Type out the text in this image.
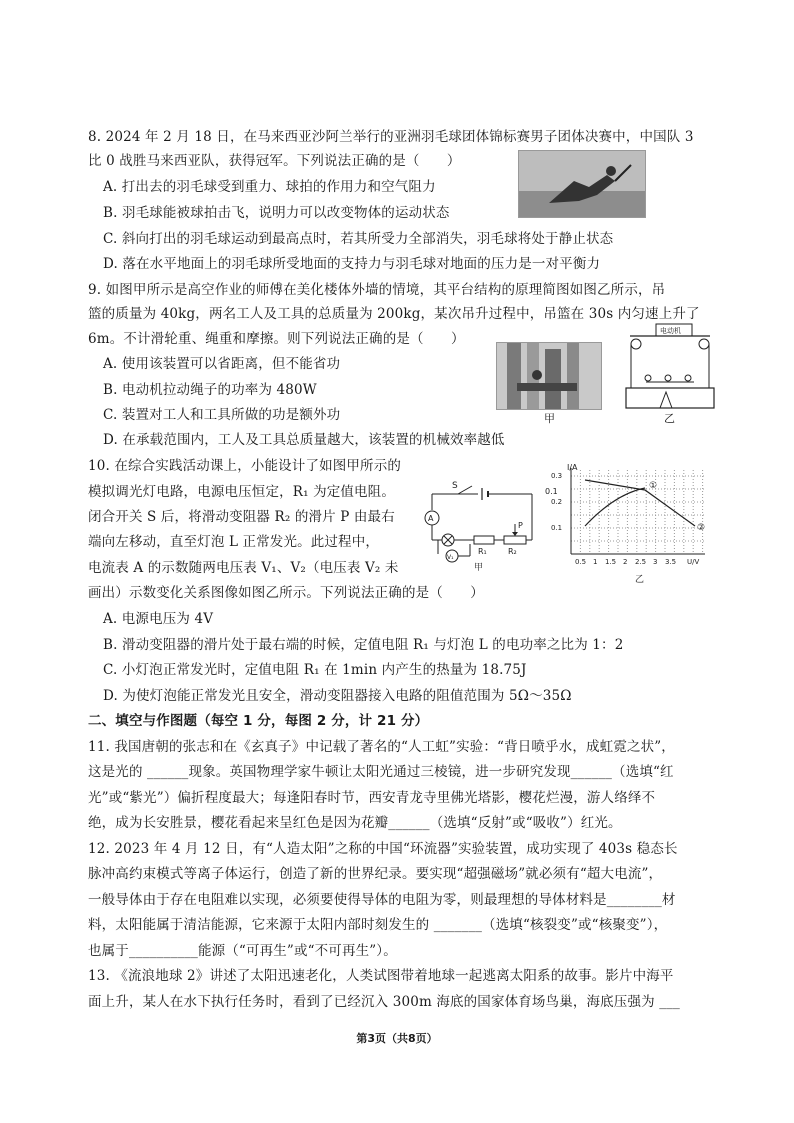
8. 2024 年 2 月 18 日，在马来西亚沙阿兰举行的亚洲羽毛球团体锦标赛男子团体决赛中，中国队 3
比 0 战胜马来西亚队，获得冠军。下列说法正确的是（　　）
A. 打出去的羽毛球受到重力、球拍的作用力和空气阻力
B. 羽毛球能被球拍击飞，说明力可以改变物体的运动状态
C. 斜向打出的羽毛球运动到最高点时，若其所受力全部消失，羽毛球将处于静止状态
D. 落在水平地面上的羽毛球所受地面的支持力与羽毛球对地面的压力是一对平衡力
9. 如图甲所示是高空作业的师傅在美化楼体外墙的情境，其平台结构的原理简图如图乙所示，吊
篮的质量为 40kg，两名工人及工具的总质量为 200kg，某次吊升过程中，吊篮在 30s 内匀速上升了
6m。不计滑轮重、绳重和摩擦。则下列说法正确的是（　　）
A. 使用该装置可以省距离，但不能省功
B. 电动机拉动绳子的功率为 480W
C. 装置对工人和工具所做的功是额外功
D. 在承载范围内，工人及工具总质量越大，该装置的机械效率越低
甲
电动机
乙
10. 在综合实践活动课上，小能设计了如图甲所示的
模拟调光灯电路，电源电压恒定，R₁ 为定值电阻。
闭合开关 S 后，将滑动变阻器 R₂ 的滑片 P 由最右
端向左移动，直至灯泡 L 正常发光。此过程中，
电流表 A 的示数随两电压表 V₁、V₂（电压表 V₂ 未
画出）示数变化关系图像如图乙所示。下列说法正确的是（　　）
A. 电源电压为 4V
B. 滑动变阻器的滑片处于最右端的时候，定值电阻 R₁ 与灯泡 L 的电功率之比为 1：2
C. 小灯泡正常发光时，定值电阻 R₁ 在 1min 内产生的热量为 18.75J
D. 为使灯泡能正常发光且安全，滑动变阻器接入电路的阻值范围为 5Ω～35Ω
S
A
R₁	R₂
P
V₁
甲
I/A
0.1
0.3
0.2
0.1
0.5 1 1.5 2 2.5 3 3.5 U/V
①
②
乙
二、填空与作图题（每空 1 分，每图 2 分，计 21 分）
11. 我国唐朝的张志和在《玄真子》中记载了著名的“人工虹”实验：“背日喷乎水，成虹霓之状”，
这是光的 ______现象。英国物理学家牛顿让太阳光通过三棱镜，进一步研究发现______（选填“红
光”或“紫光”）偏折程度最大；每逢阳春时节，西安青龙寺里佛光塔影，樱花烂漫，游人络绎不
绝，成为长安胜景，樱花看起来呈红色是因为花瓣______（选填“反射”或“吸收”）红光。
12. 2023 年 4 月 12 日，有“人造太阳”之称的中国“环流器”实验装置，成功实现了 403s 稳态长
脉冲高约束模式等离子体运行，创造了新的世界纪录。要实现“超强磁场”就必须有“超大电流”，
一般导体由于存在电阻难以实现，必须要使得导体的电阻为零，则最理想的导体材料是________材
料，太阳能属于清洁能源，它来源于太阳内部时刻发生的 _______（选填“核裂变”或“核聚变”），
也属于__________能源（“可再生”或“不可再生”）。
13. 《流浪地球 2》讲述了太阳迅速老化，人类试图带着地球一起逃离太阳系的故事。影片中海平
面上升，某人在水下执行任务时，看到了已经沉入 300m 海底的国家体育场鸟巢，海底压强为 ___
第3页（共8页）
